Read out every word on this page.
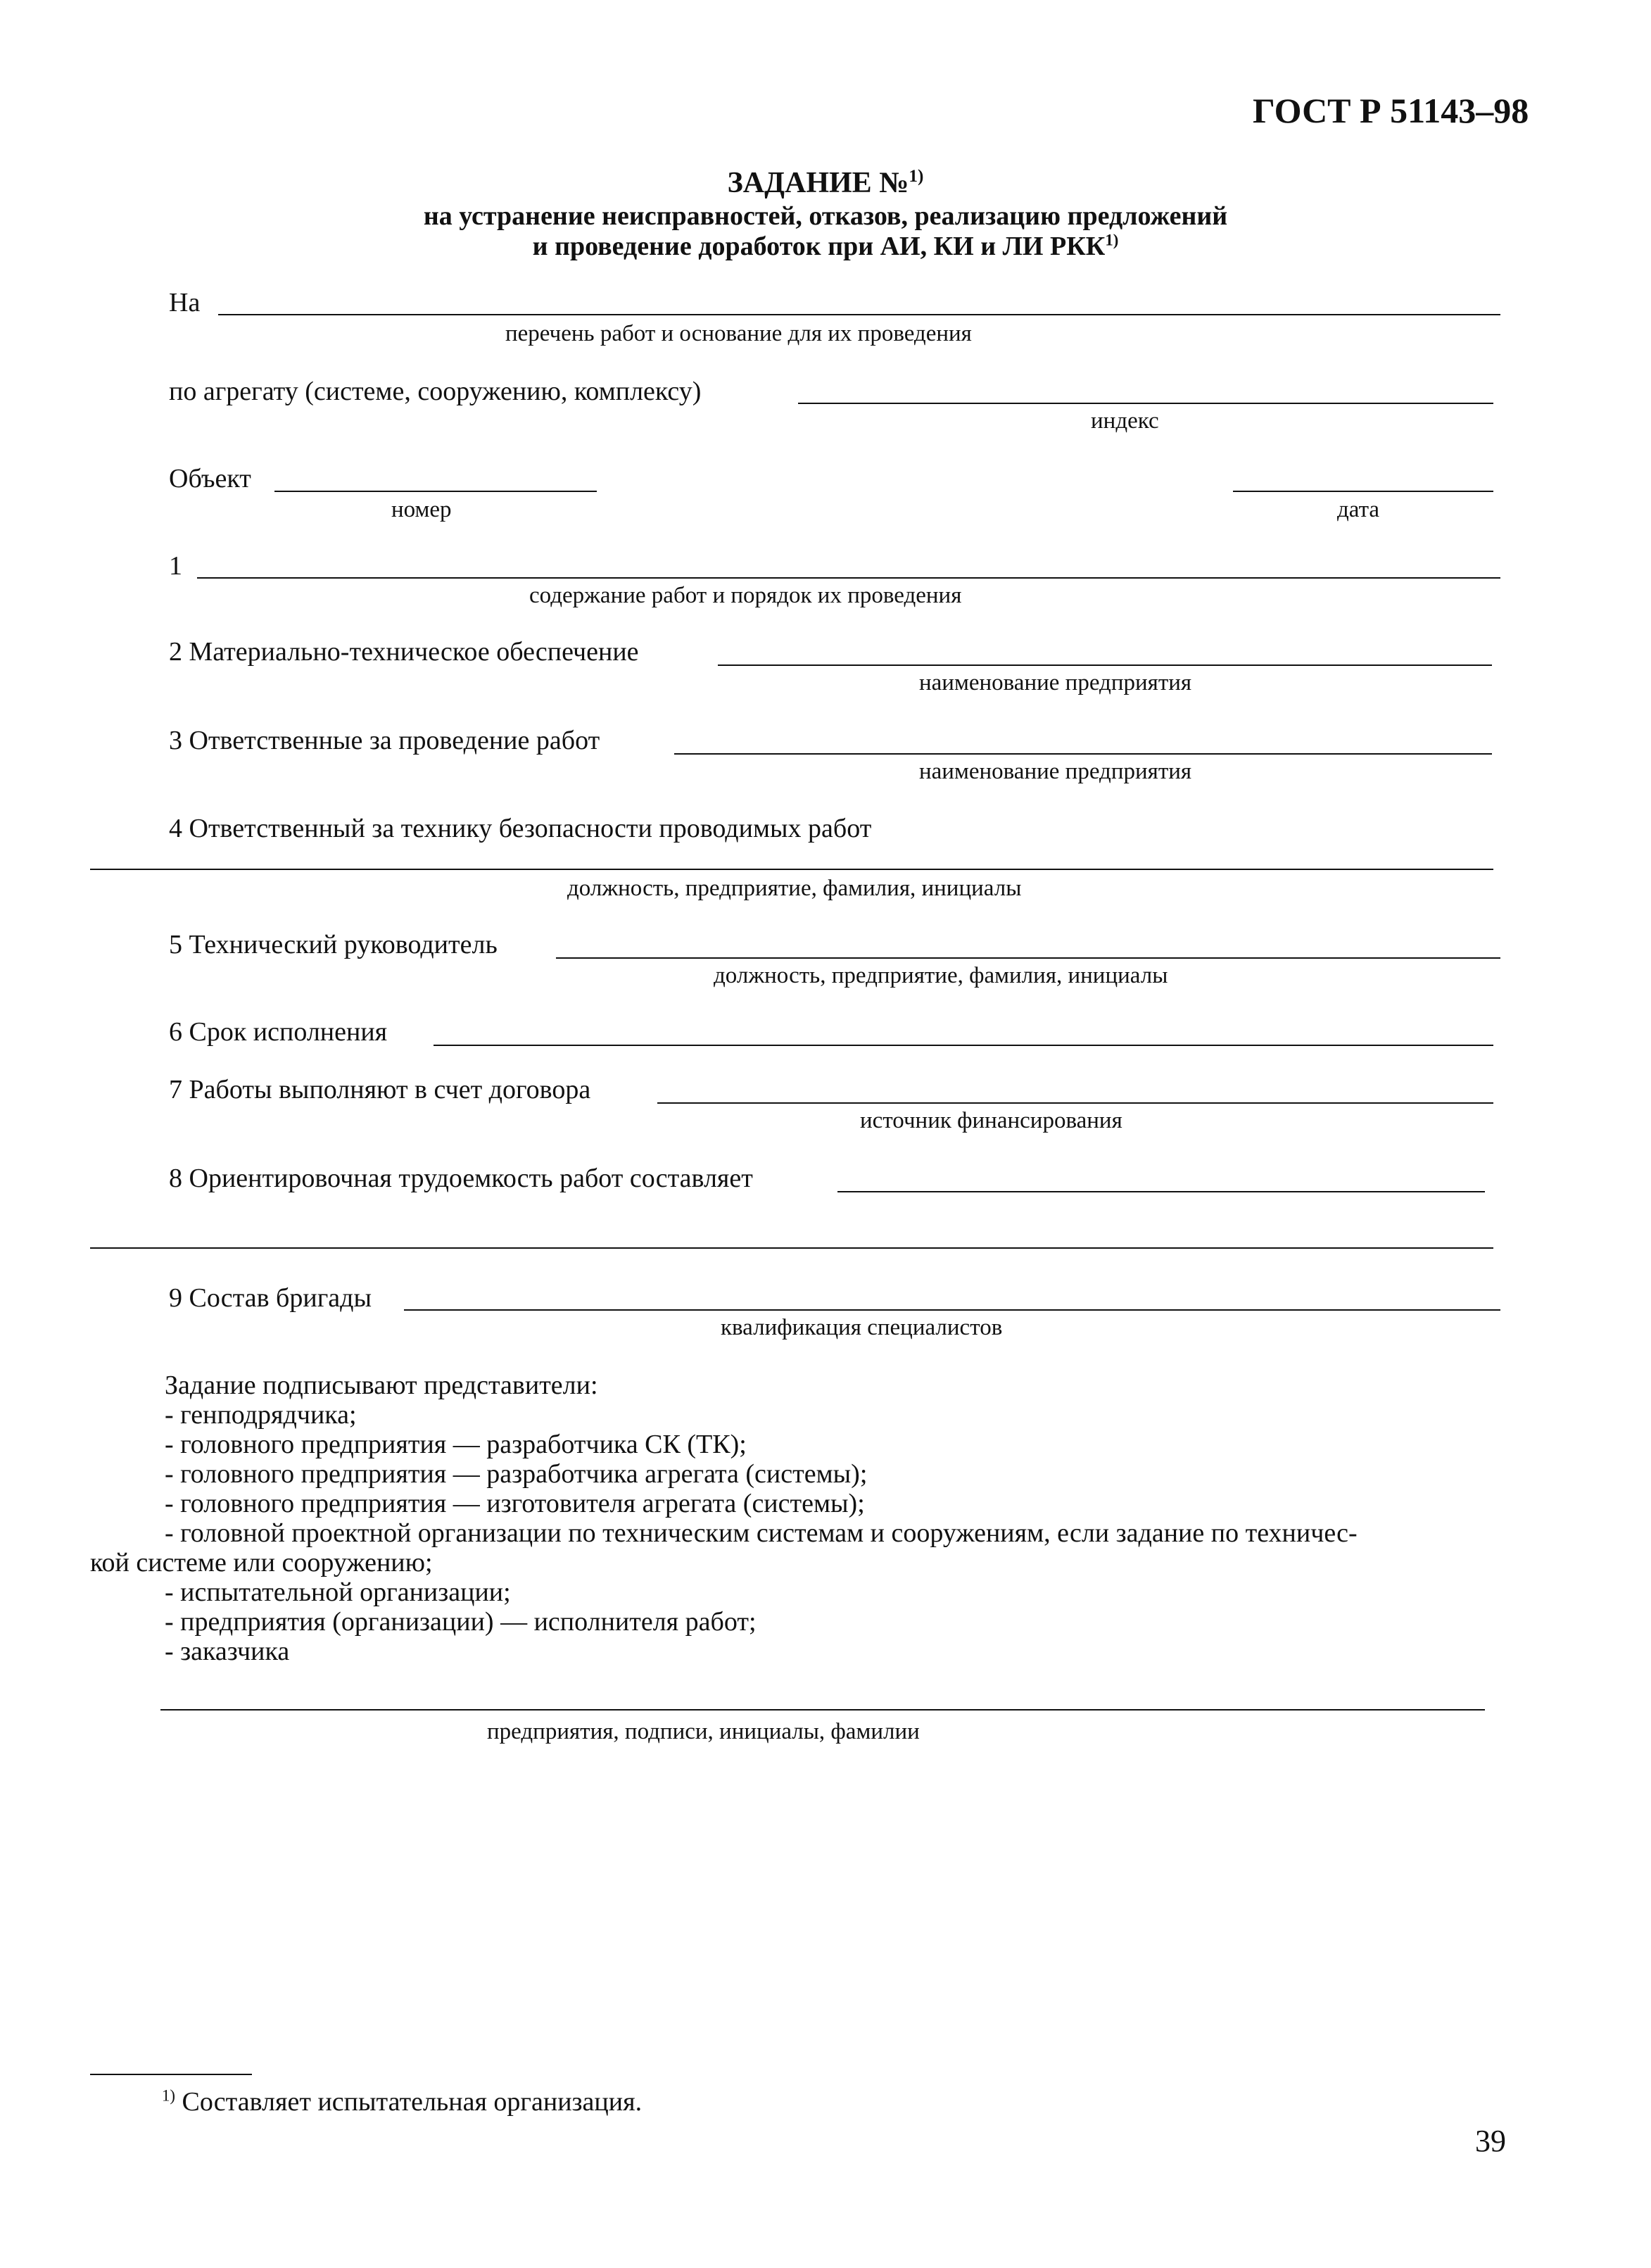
ГОСТ Р 51143–98
ЗАДАНИЕ №$^{1)}$
на устранение неисправностей, отказов, реализацию предложений
и проведение доработок при АИ, КИ и ЛИ РКК$^{1)}$
На
перечень работ и основание для их проведения
по агрегату (системе, сооружению, комплексу)
индекс
Объект
номер	дата
1
содержание работ и порядок их проведения
2 Материально-техническое обеспечение
наименование предприятия
3 Ответственные за проведение работ
наименование предприятия
4 Ответственный за технику безопасности проводимых работ
должность, предприятие, фамилия, инициалы
5 Технический руководитель
должность, предприятие, фамилия, инициалы
6 Срок исполнения
7 Работы выполняют в счет договора
источник финансирования
8 Ориентировочная трудоемкость работ составляет
9 Состав бригады
квалификация специалистов
Задание подписывают представители:
- генподрядчика;
- головного предприятия — разработчика СК (ТК);
- головного предприятия — разработчика агрегата (системы);
- головного предприятия — изготовителя агрегата (системы);
- головной проектной организации по техническим системам и сооружениям, если задание по техничес-
кой системе или сооружению;
- испытательной организации;
- предприятия (организации) — исполнителя работ;
- заказчика
предприятия, подписи, инициалы, фамилии
$^{1)}$ Составляет испытательная организация.
39
